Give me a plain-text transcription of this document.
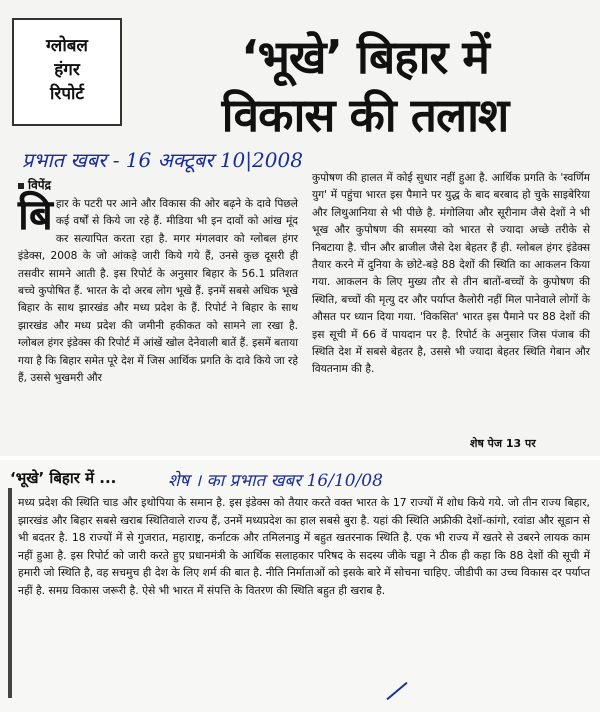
ग्लोबल
हंगर
रिपोर्ट
‘भूखे’ बिहार में
विकास की तलाश
प्रभात खबर - 16 अक्टूबर 10|2008
विपेंद्र
बिहार के पटरी पर आने और विकास की ओर बढ़ने के दावे पिछले कई वर्षों से किये जा रहे हैं. मीडिया भी इन दावों को आंख मूंद कर सत्यापित करता रहा है. मगर मंगलवार को ग्लोबल हंगर इंडेक्स, 2008 के जो आंकड़े जारी किये गये हैं, उनसे कुछ दूसरी ही तसवीर सामने आती है. इस रिपोर्ट के अनुसार बिहार के 56.1 प्रतिशत बच्चे कुपोषित हैं. भारत के दो अरब लोग भूखे हैं. इनमें सबसे अधिक भूखे बिहार के साथ झारखंड और मध्य प्रदेश के हैं. रिपोर्ट ने बिहार के साथ झारखंड और मध्य प्रदेश की जमीनी हकीकत को सामने ला रखा है. ग्लोबल हंगर इंडेक्स की रिपोर्ट में आंखें खोल देनेवाली बातें हैं. इसमें बताया गया है कि बिहार समेत पूरे देश में जिस आर्थिक प्रगति के दावे किये जा रहे हैं, उससे भुखमरी और
कुपोषण की हालत में कोई सुधार नहीं हुआ है. आर्थिक प्रगति के 'स्वर्णिम युग' में पहुंचा भारत इस पैमाने पर युद्ध के बाद बरबाद हो चुके साइबेरिया और लिथुआनिया से भी पीछे है. मंगोलिया और सूरीनाम जैसे देशों ने भी भूख और कुपोषण की समस्या को भारत से ज्यादा अच्छे तरीके से निबटाया है. चीन और ब्राजील जैसे देश बेहतर हैं ही. ग्लोबल हंगर इंडेक्स तैयार करने में दुनिया के छोटे-बड़े 88 देशों की स्थिति का आकलन किया गया. आकलन के लिए मुख्य तौर से तीन बातों-बच्चों के कुपोषण की स्थिति, बच्चों की मृत्यु दर और पर्याप्त कैलोरी नहीं मिल पानेवाले लोगों के औसत पर ध्यान दिया गया. 'विकसित' भारत इस पैमाने पर 88 देशों की इस सूची में 66 वें पायदान पर है. रिपोर्ट के अनुसार जिस पंजाब की स्थिति देश में सबसे बेहतर है, उससे भी ज्यादा बेहतर स्थिति गेबान और वियतनाम की है.
शेष पेज 13 पर
‘भूखे’ बिहार में ...	शेष । का प्रभात खबर 16/10/08
मध्य प्रदेश की स्थिति चाड और इथोपिया के समान है. इस इंडेक्स को तैयार करते वक्त भारत के 17 राज्यों में शोध किये गये. जो तीन राज्य बिहार, झारखंड और बिहार सबसे खराब स्थितिवाले राज्य हैं, उनमें मध्यप्रदेश का हाल सबसे बुरा है. यहां की स्थिति अफ्रीकी देशों-कांगो, रवांडा और सूडान से भी बदतर है. 18 राज्यों में से गुजरात, महाराष्ट्र, कर्नाटक और तमिलनाडु में बहुत खतरनाक स्थिति है. एक भी राज्य में खतरे से उबरने लायक काम नहीं हुआ है. इस रिपोर्ट को जारी करते हुए प्रधानमंत्री के आर्थिक सलाहकार परिषद के सदस्य जीके चड्ढा ने ठीक ही कहा कि 88 देशों की सूची में हमारी जो स्थिति है, वह सचमुच ही देश के लिए शर्म की बात है. नीति निर्माताओं को इसके बारे में सोचना चाहिए. जीडीपी का उच्च विकास दर पर्याप्त नहीं है. समग्र विकास जरूरी है. ऐसे भी भारत में संपत्ति के वितरण की स्थिति बहुत ही खराब है.
